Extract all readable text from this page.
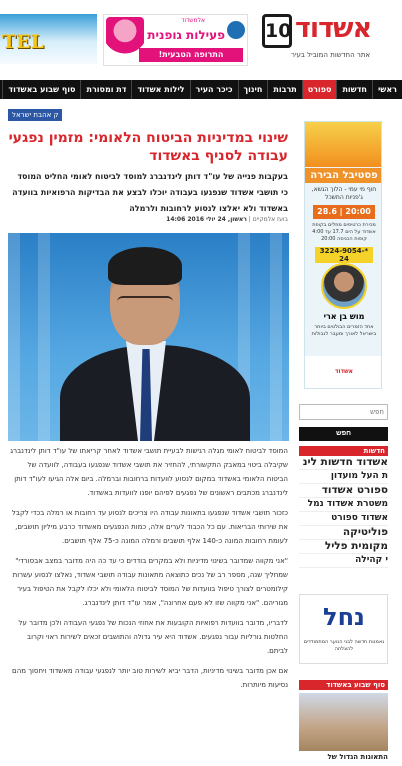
TEL
אלמשדוד
פעילות גופנית
התרופה הטבעית!
10 אשדוד
אתר החדשות המוביל בעיר
ראשי
חדשות
ספורט
תרבות
חינוך
כיכר העיר
לילות אשדוד
דת ומסורת
סוף שבוע באשדוד
ק אהבת ישראל
שינוי במדיניות הביטוח הלאומי: מזמין נפגעי עבודה לסניף באשדוד
בעקבות פנייה של עו"ד דותן לינדנברג למוסד לביטוח לאומי החליט המוסד כי תושבי אשדוד שנפגעו בעבודה יוכלו לבצע את הבדיקות הרפואיות בוועדה באשדוד ולא יאלצו לנסוע לרחובות ולרמלה
בועז אלמקיים | ראשון, 24 יולי 2016 14:06

המוסד לביטוח לאומי מגלה רגישות לבעיית תושבי אשדוד לאחר קריאתו של עו"ד דותן לינדנברג שקיבלה ביטוי במאבק התקשורתי, להחזיר את תושבי אשדוד שנפגעו בעבודה, לוועדה של הביטוח הלאומי באשדוד במקום לנסוע לוועדות ברחובות וברמלה. ביום אלה הגיעו לעו"ד דותן לינדנברג מכתבים ראשונים של נפגעים לפיהם יופנו לוועדות באשדוד.

כזכור תושבי אשדוד שנפגעו בתאונות עבודה היו צריכים לנסוע עד רחובות או רמלה בכדי לקבל את שירותי הבריאות. עם כל הכבוד לערים אלה, כמות הנפגעים מאשדוד כרבע מיליון תושבים, לעומת רחובות המונה כ-140 אלף תושבים ורמלה המונה כ-75 אלף תושבים.

"אני מקווה שמדובר בשינוי מדיניות ולא במקרים בודדים כי עד כה היה מדובר במצב אבסורדי" שמחליך שנה, מספר רב של נכים כתוצאה מתאונות עבודה תושבי אשדוד, נאלצו לנסוע עשרות קילומטרים לצורך טיפול בוועדות של המוסד לביטוח הלאומי ולא יכלו לקבל את הטיפול בעיר מגוריהם. "אני מקווה שזו לא פעם אחרונה", אמר עו"ד דותן לינדנברג.

לדבריו, מדובר בוועדות רפואיות הקובעות את אחוזי הנכות של נפגעי העבודה ולכן מדובר על החלטות גורליות עבור נפגעים. אשדוד היא עיר גדולה והתושבים זכאים לשירות ראוי וקרוב לביתם.

אם אכן מדובר בשינוי מדיניות, הדבר יביא לשירות טוב יותר לנפגעי עבודה מאשדוד ויחסוך מהם נסיעות מיותרות.

פסטיבל הבירה
חוף מי עמי - הלוך הגשא, ג'פניות התשכל
28.6 | 20:00
מכירת כרטיסים מוזלים בקופת אשדוד על הים 17.7 עד 4:00 קופות הכניסה 20:00
*3224-9054-24
מוש בן ארי
אחד הזמרים הבולטים ביותר בישראל לאורך ומעבר לגבולות
אשדוד
חפש
חפש
חדשות
אשדוד חדשות לינ
ת העל מועדון
ספורט אשדוד
משטרת אשדוד נמל
אשדוד ספורט
פוליטיקה
מקומית פליל
י קהילה
נחל
נאמנות חדשה לבני הנוער המתמודדים להצלחה
סוף שבוע באשדוד
התאונות הגדול של
